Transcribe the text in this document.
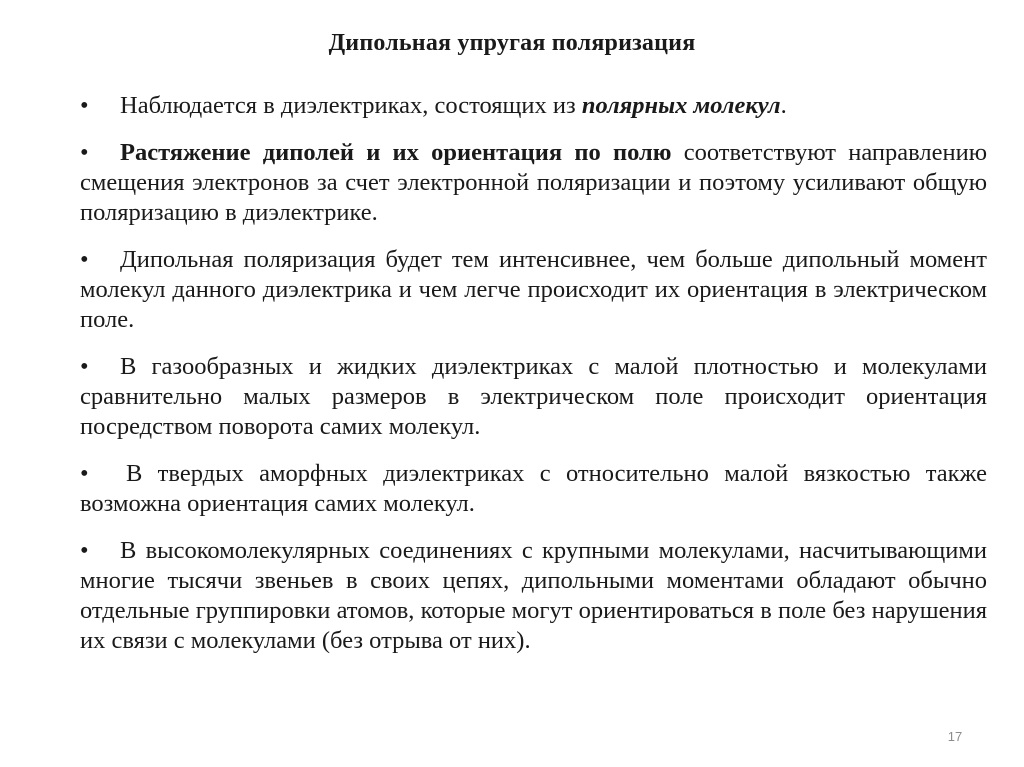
Дипольная упругая поляризация
• Наблюдается в диэлектриках, состоящих из полярных молекул.
• Растяжение диполей и их ориентация по полю соответствуют направлению смещения электронов за счет электронной поляризации и поэтому усиливают общую поляризацию в диэлектрике.
• Дипольная поляризация будет тем интенсивнее, чем больше дипольный момент молекул данного диэлектрика и чем легче происходит их ориентация в электрическом поле.
• В газообразных и жидких диэлектриках с малой плотностью и молекулами сравнительно малых размеров в электрическом поле происходит ориентация посредством поворота самих молекул.
• В твердых аморфных диэлектриках с относительно малой вязкостью также возможна ориентация самих молекул.
• В высокомолекулярных соединениях с крупными молекулами, насчитывающими многие тысячи звеньев в своих цепях, дипольными моментами обладают обычно отдельные группировки атомов, которые могут ориентироваться в поле без нарушения их связи с молекулами (без отрыва от них).
17
